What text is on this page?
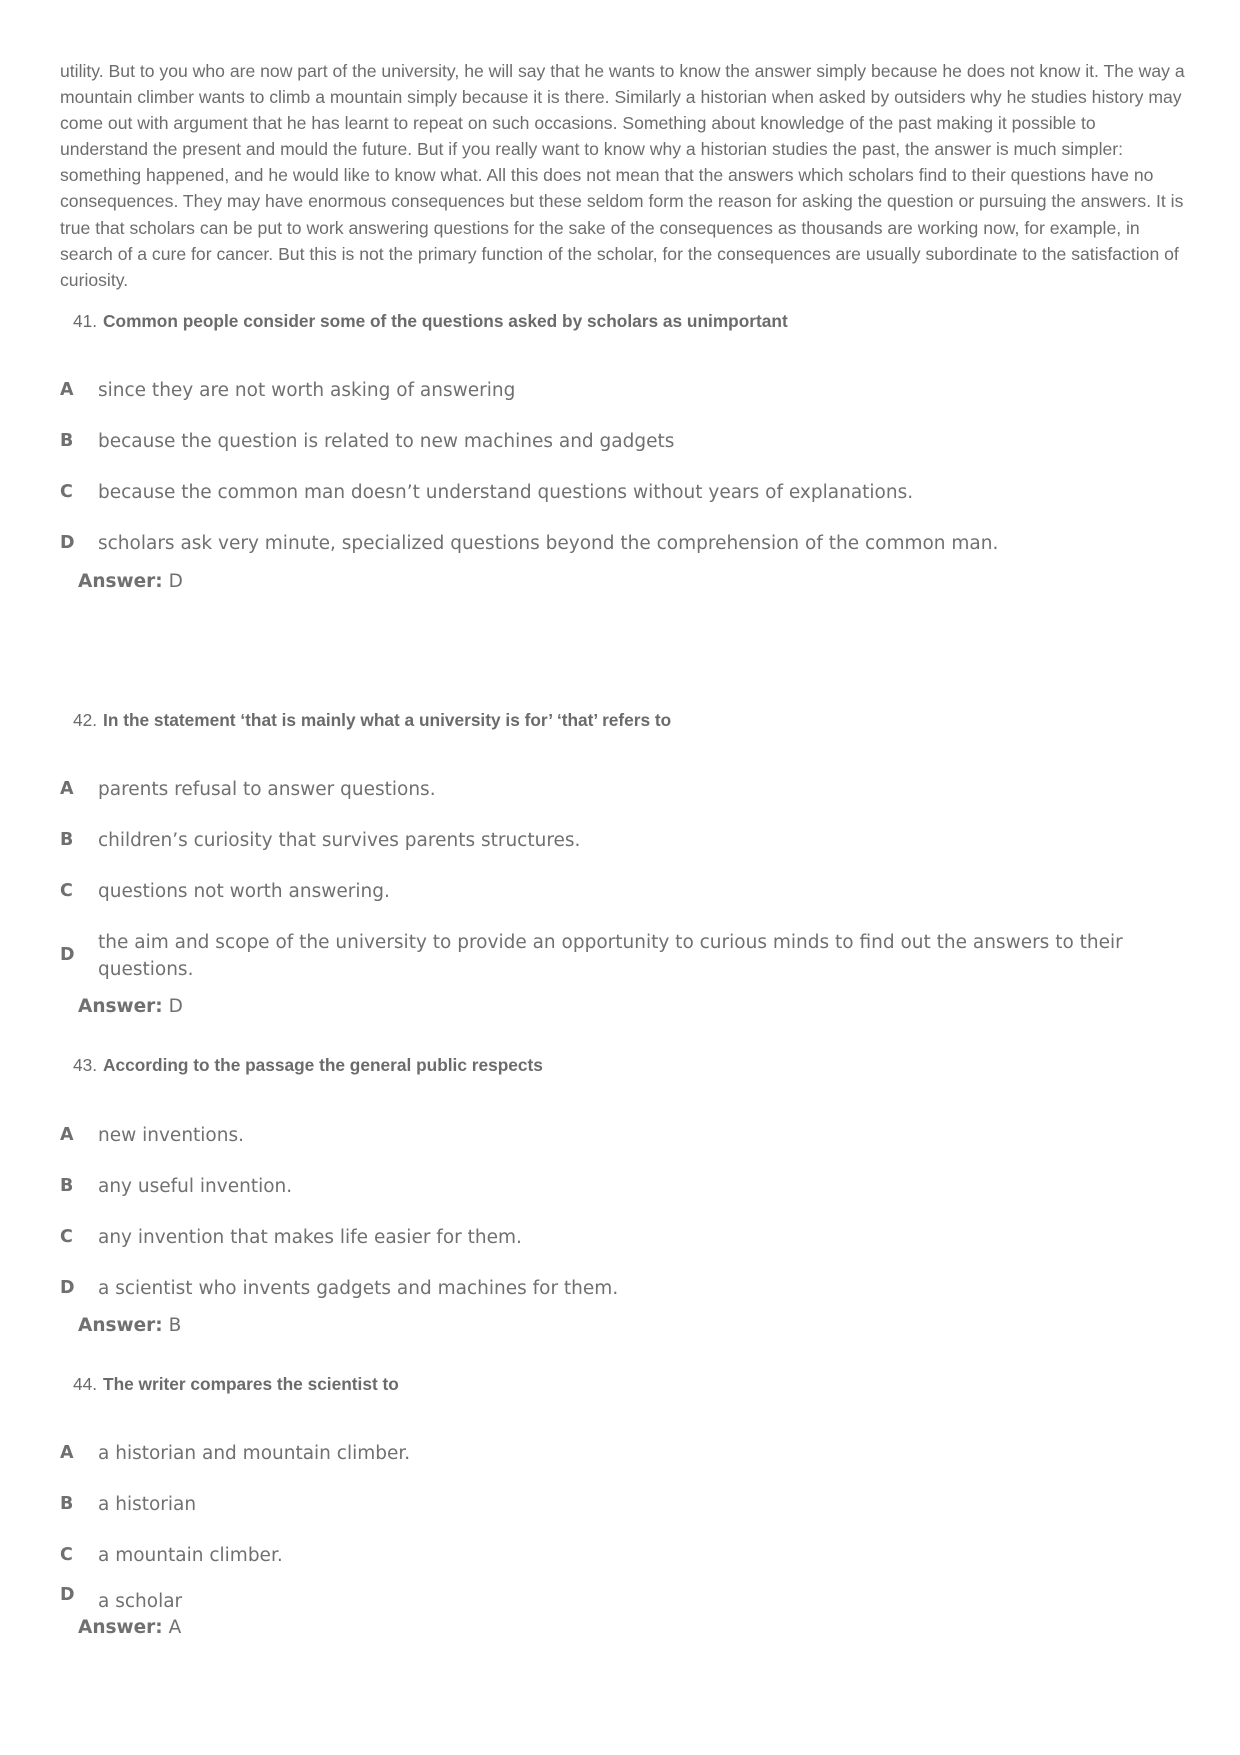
utility. But to you who are now part of the university, he will say that he wants to know the answer simply because he does not know it. The way a mountain climber wants to climb a mountain simply because it is there. Similarly a historian when asked by outsiders why he studies history may come out with argument that he has learnt to repeat on such occasions. Something about knowledge of the past making it possible to understand the present and mould the future. But if you really want to know why a historian studies the past, the answer is much simpler: something happened, and he would like to know what. All this does not mean that the answers which scholars find to their questions have no consequences. They may have enormous consequences but these seldom form the reason for asking the question or pursuing the answers. It is true that scholars can be put to work answering questions for the sake of the consequences as thousands are working now, for example, in search of a cure for cancer. But this is not the primary function of the scholar, for the consequences are usually subordinate to the satisfaction of curiosity.

41. Common people consider some of the questions asked by scholars as unimportant
A since they are not worth asking of answering
B because the question is related to new machines and gadgets
C because the common man doesn’t understand questions without years of explanations.
D scholars ask very minute, specialized questions beyond the comprehension of the common man.
Answer: D
42. In the statement ‘that is mainly what a university is for’ ‘that’ refers to
A parents refusal to answer questions.
B children’s curiosity that survives parents structures.
C questions not worth answering.
D
the aim and scope of the university to provide an opportunity to curious minds to find out the answers to their questions.
Answer: D
43. According to the passage the general public respects
A new inventions.
B any useful invention.
C any invention that makes life easier for them.
D a scientist who invents gadgets and machines for them.
Answer: B
44. The writer compares the scientist to
A a historian and mountain climber.
B a historian
C a mountain climber.
D a scholar
Answer: A
